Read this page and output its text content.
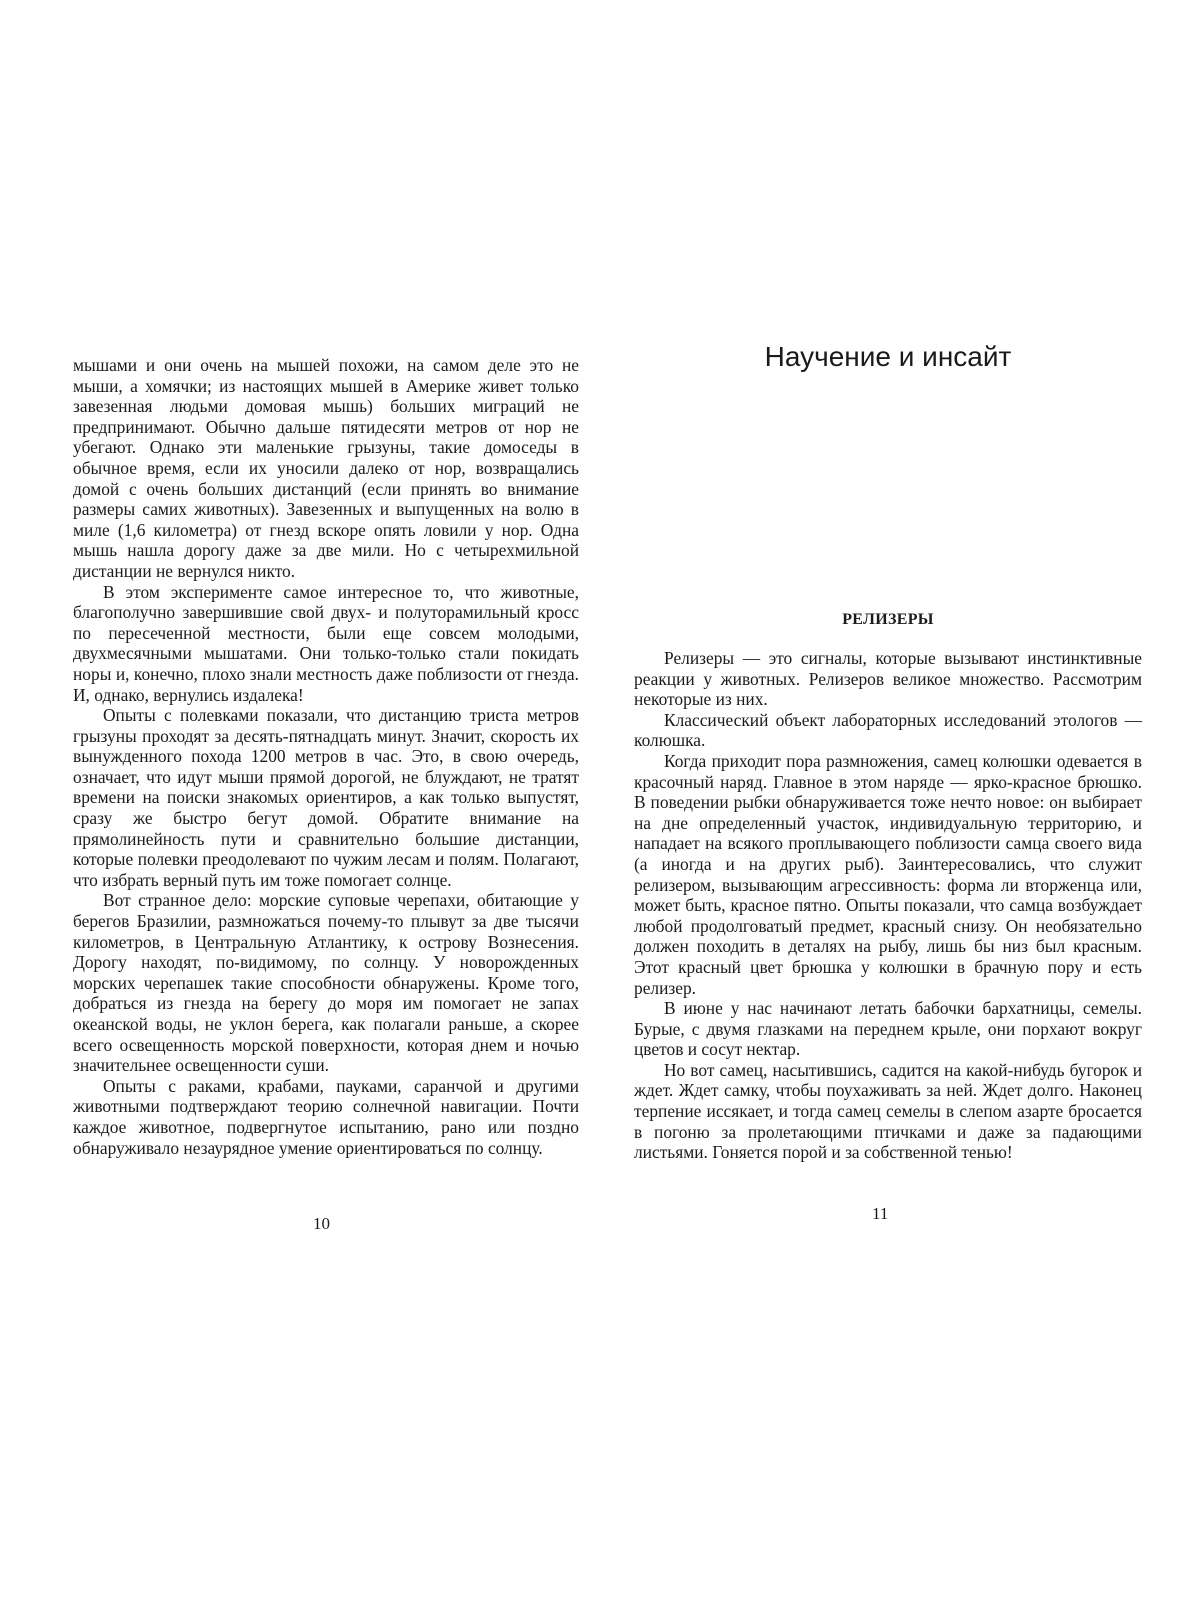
мышами и они очень на мышей похожи, на самом деле это не мыши, а хомячки; из настоящих мышей в Америке живет только завезенная людьми домовая мышь) больших миграций не предпринимают. Обычно дальше пятидесяти метров от нор не убегают. Однако эти маленькие грызуны, такие домоседы в обычное время, если их уносили далеко от нор, возвращались домой с очень больших дистанций (если принять во внимание размеры самих животных). Завезенных и выпущенных на волю в миле (1,6 километра) от гнезд вскоре опять ловили у нор. Одна мышь нашла дорогу даже за две мили. Но с четырехмильной дистанции не вернулся никто.

В этом эксперименте самое интересное то, что животные, благополучно завершившие свой двух- и полуторамильный кросс по пересеченной местности, были еще совсем молодыми, двухмесячными мышатами. Они только-только стали покидать норы и, конечно, плохо знали местность даже поблизости от гнезда. И, однако, вернулись издалека!

Опыты с полевками показали, что дистанцию триста метров грызуны проходят за десять-пятнадцать минут. Значит, скорость их вынужденного похода 1200 метров в час. Это, в свою очередь, означает, что идут мыши прямой дорогой, не блуждают, не тратят времени на поиски знакомых ориентиров, а как только выпустят, сразу же быстро бегут домой. Обратите внимание на прямолинейность пути и сравнительно большие дистанции, которые полевки преодолевают по чужим лесам и полям. Полагают, что избрать верный путь им тоже помогает солнце.

Вот странное дело: морские суповые черепахи, обитающие у берегов Бразилии, размножаться почему-то плывут за две тысячи километров, в Центральную Атлантику, к острову Вознесения. Дорогу находят, по-видимому, по солнцу. У новорожденных морских черепашек такие способности обнаружены. Кроме того, добраться из гнезда на берегу до моря им помогает не запах океанской воды, не уклон берега, как полагали раньше, а скорее всего освещенность морской поверхности, которая днем и ночью значительнее освещенности суши.

Опыты с раками, крабами, пауками, саранчой и другими животными подтверждают теорию солнечной навигации. Почти каждое животное, подвергнутое испытанию, рано или поздно обнаруживало незаурядное умение ориентироваться по солнцу.

10
Научение и инсайт
РЕЛИЗЕРЫ

Релизеры — это сигналы, которые вызывают инстинктивные реакции у животных. Релизеров великое множество. Рассмотрим некоторые из них.

Классический объект лабораторных исследований этологов — колюшка.

Когда приходит пора размножения, самец колюшки одевается в красочный наряд. Главное в этом наряде — ярко-красное брюшко. В поведении рыбки обнаруживается тоже нечто новое: он выбирает на дне определенный участок, индивидуальную территорию, и нападает на всякого проплывающего поблизости самца своего вида (а иногда и на других рыб). Заинтересовались, что служит релизером, вызывающим агрессивность: форма ли вторженца или, может быть, красное пятно. Опыты показали, что самца возбуждает любой продолговатый предмет, красный снизу. Он необязательно должен походить в деталях на рыбу, лишь бы низ был красным. Этот красный цвет брюшка у колюшки в брачную пору и есть релизер.

В июне у нас начинают летать бабочки бархатницы, семелы. Бурые, с двумя глазками на переднем крыле, они порхают вокруг цветов и сосут нектар.

Но вот самец, насытившись, садится на какой-нибудь бугорок и ждет. Ждет самку, чтобы поухаживать за ней. Ждет долго. Наконец терпение иссякает, и тогда самец семелы в слепом азарте бросается в погоню за пролетающими птичками и даже за падающими листьями. Гоняется порой и за собственной тенью!

11
